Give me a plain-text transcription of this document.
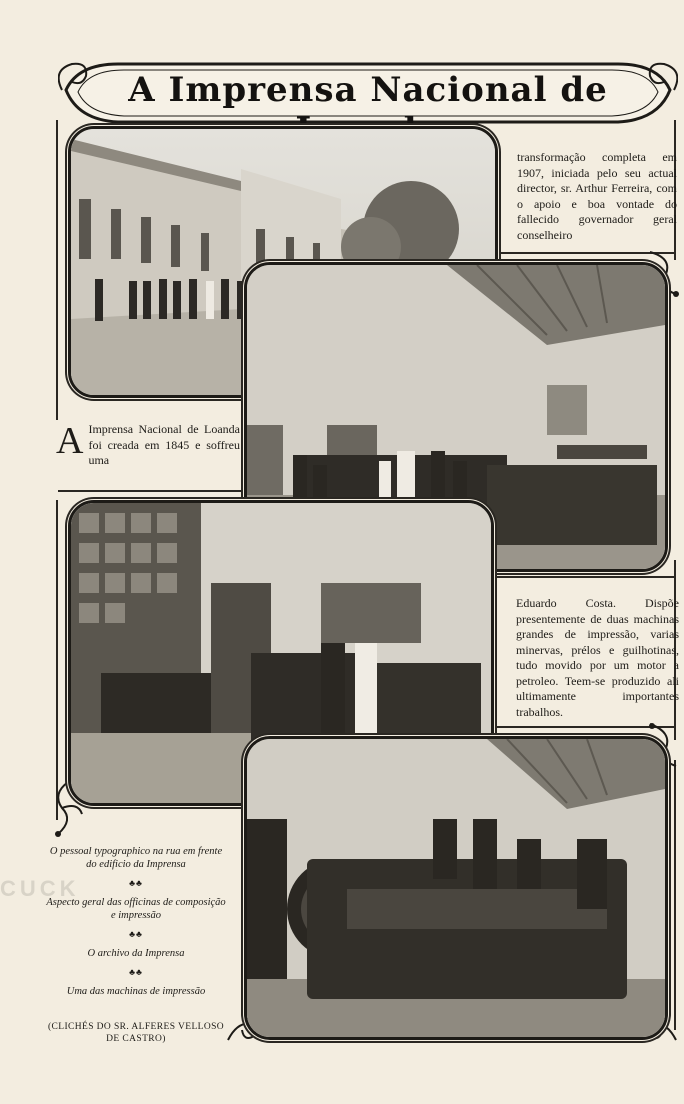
CUCK
A Imprensa Nacional de
transformação completa em 1907, iniciada pelo seu actual director, sr. Arthur Ferreira, com o apoio e boa vontade do fallecido governador geral conselheiro
A Imprensa Nacional de Loanda foi creada em 1845 e soffreu uma
Eduardo Costa. Dispõe presentemente de duas machinas grandes de impressão, varias minervas, prélos e guilhotinas, tudo movido por um motor a petroleo. Teem-se produzido ali ultimamente importantes trabalhos.
O pessoal typographico na rua em frente do edificio da Imprensa
♣♣
Aspecto geral das officinas de composição e impressão
♣♣
O archivo da Imprensa
♣♣
Uma das machinas de impressão
(CLICHÉS DO SR. ALFERES VELLOSO DE CASTRO)
